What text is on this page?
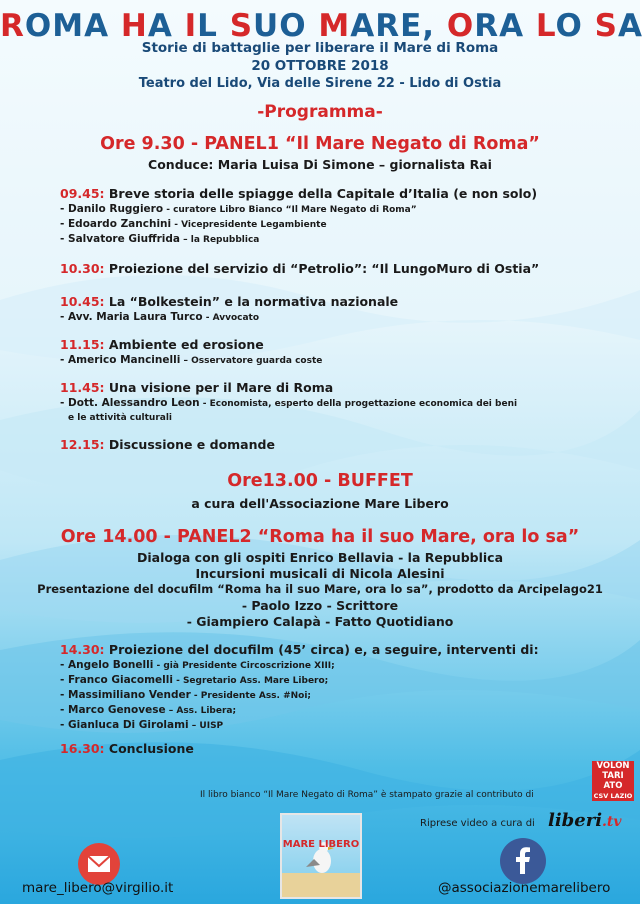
ROMA HA IL SUO MARE, ORA LO SA
Storie di battaglie per liberare il Mare di Roma
20 OTTOBRE 2018
Teatro del Lido, Via delle Sirene 22 - Lido di Ostia
-Programma-
Ore 9.30 - PANEL1 “Il Mare Negato di Roma”
Conduce: Maria Luisa Di Simone – giornalista Rai
09.45: Breve storia delle spiagge della Capitale d’Italia (e non solo)
- Danilo Ruggiero - curatore Libro Bianco “Il Mare Negato di Roma”
- Edoardo Zanchini - Vicepresidente Legambiente
- Salvatore Giuffrida – la Repubblica
10.30: Proiezione del servizio di “Petrolio”: “Il LungoMuro di Ostia”
10.45: La “Bolkestein” e la normativa nazionale
- Avv. Maria Laura Turco - Avvocato
11.15: Ambiente ed erosione
- Americo Mancinelli – Osservatore guarda coste
11.45: Una visione per il Mare di Roma
- Dott. Alessandro Leon - Economista, esperto della progettazione economica dei beni
e le attività culturali
12.15: Discussione e domande
Ore13.00 - BUFFET
a cura dell'Associazione Mare Libero
Ore 14.00 - PANEL2 “Roma ha il suo Mare, ora lo sa”
Dialoga con gli ospiti Enrico Bellavia - la Repubblica
Incursioni musicali di Nicola Alesini
Presentazione del docufilm “Roma ha il suo Mare, ora lo sa”, prodotto da Arcipelago21
- Paolo Izzo - Scrittore
- Giampiero Calapà - Fatto Quotidiano
14.30: Proiezione del docufilm (45’ circa) e, a seguire, interventi di:
- Angelo Bonelli - già Presidente Circoscrizione XIII;
- Franco Giacomelli - Segretario Ass. Mare Libero;
- Massimiliano Vender - Presidente Ass. #Noi;
- Marco Genovese – Ass. Libera;
- Gianluca Di Girolami – UISP
16.30: Conclusione
VOLON
TARI
ATO
CSV LAZIO
Il libro bianco “Il Mare Negato di Roma” è stampato grazie al contributo di
Riprese video a cura di liberi.tv
MARE LIBERO
mare_libero@virgilio.it	@associazionemarelibero
